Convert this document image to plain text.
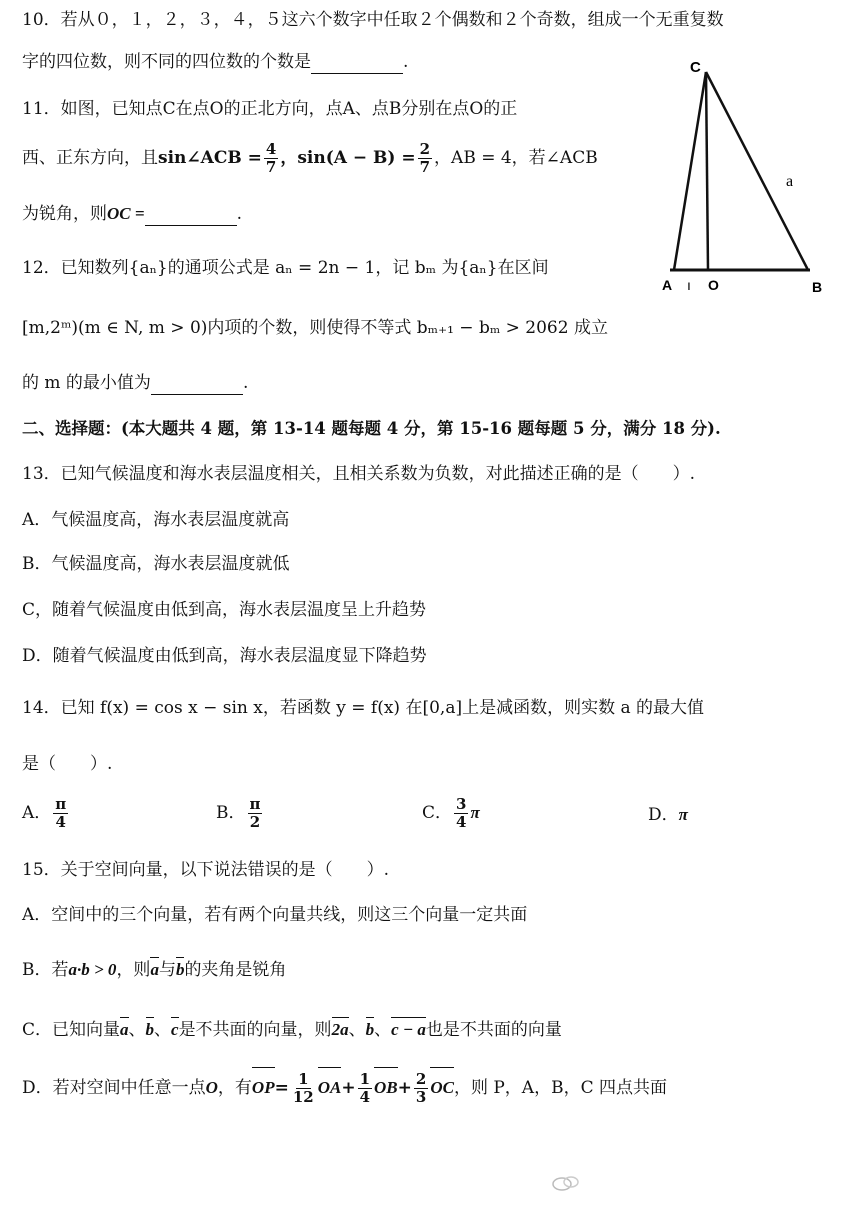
10．若从０，１，２，３，４，５这六个数字中任取２个偶数和２个奇数，组成一个无重复数
字的四位数，则不同的四位数的个数是	.
11．如图，已知点C在点O的正北方向，点A、点B分别在点O的正
西、正东方向，且sin∠ACB = $\frac{4}{7}$ ，$\sin(A - B) = \frac{2}{7}$ ，AB = 4，若∠ACB
为锐角，则OC =	.
12．已知数列{aₙ}的通项公式是 aₙ = 2n − 1，记 bₘ 为{aₙ}在区间
[m,2ᵐ)(m ∈ N, m > 0)内项的个数，则使得不等式 bₘ₊₁ − bₘ > 2062 成立
的 m 的最小值为	.
二、选择题：(本大题共 4 题，第 13-14 题每题 4 分，第 15-16 题每题 5 分，满分 18 分).
13．已知气候温度和海水表层温度相关，且相关系数为负数，对此描述正确的是（　　）.
A．气候温度高，海水表层温度就高
B．气候温度高，海水表层温度就低
C，随着气候温度由低到高，海水表层温度呈上升趋势
D．随着气候温度由低到高，海水表层温度显下降趋势
14．已知 f(x) = cos x − sin x，若函数 y = f(x) 在[0,a]上是减函数，则实数 a 的最大值
是（　　）.
A． $\frac{\pi}{4}$	B． $\frac{\pi}{2}$	C． $\frac{3}{4}$ π	D．π
15．关于空间向量，以下说法错误的是（　　）.
A．空间中的三个向量，若有两个向量共线，则这三个向量一定共面
B．若a·b > 0，则a与b的夹角是锐角
C．已知向量a、b、c是不共面的向量，则2a、b、c − a也是不共面的向量
D．若对空间中任意一点O，有$OP= \frac{1}{12} OA+ \frac{1}{4} OB+ \frac{2}{3}$ OC，则 P，A，B，C 四点共面
C
a
A ı O	B
